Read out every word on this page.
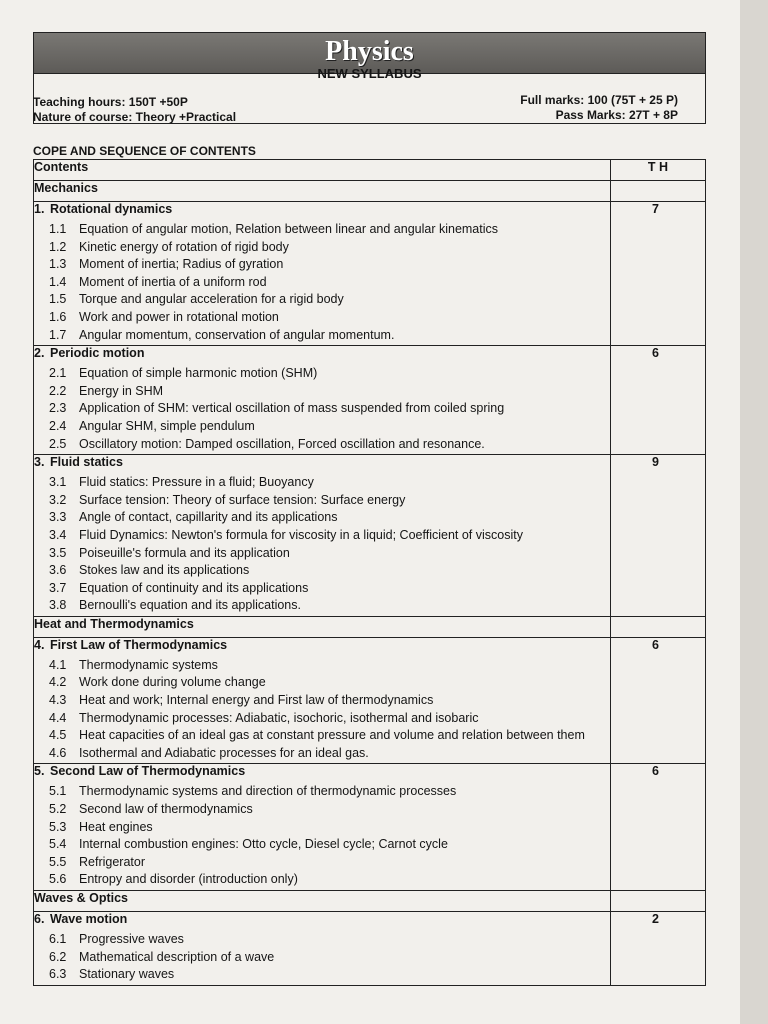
Physics
NEW SYLLABUS
Teaching hours: 150T +50P
Nature of course: Theory +Practical
Full marks: 100 (75T + 25 P)
Pass Marks: 27T + 8P
COPE AND SEQUENCE OF CONTENTS
Contents	T H
Mechanics	
1. Rotational dynamics	7

1.1 Equation of angular motion, Relation between linear and angular kinematics	
1.2 Kinetic energy of rotation of rigid body	
1.3 Moment of inertia; Radius of gyration	
1.4 Moment of inertia of a uniform rod	
1.5 Torque and angular acceleration for a rigid body	
1.6 Work and power in rotational motion	
1.7 Angular momentum, conservation of angular momentum.	
2. Periodic motion	6

2.1 Equation of simple harmonic motion (SHM)	
2.2 Energy in SHM	
2.3 Application of SHM: vertical oscillation of mass suspended from coiled spring	
2.4 Angular SHM, simple pendulum	
2.5 Oscillatory motion: Damped oscillation, Forced oscillation and resonance.	
3. Fluid statics	9

3.1 Fluid statics: Pressure in a fluid; Buoyancy	
3.2 Surface tension: Theory of surface tension: Surface energy	
3.3 Angle of contact, capillarity and its applications	
3.4 Fluid Dynamics: Newton's formula for viscosity in a liquid; Coefficient of viscosity	
3.5 Poiseuille's formula and its application	
3.6 Stokes law and its applications	
3.7 Equation of continuity and its applications	
3.8 Bernoulli's equation and its applications.	
Heat and Thermodynamics	
4. First Law of Thermodynamics	6

4.1 Thermodynamic systems	
4.2 Work done during volume change	
4.3 Heat and work; Internal energy and First law of thermodynamics	
4.4 Thermodynamic processes: Adiabatic, isochoric, isothermal and isobaric	
4.5 Heat capacities of an ideal gas at constant pressure and volume and relation between them	
4.6 Isothermal and Adiabatic processes for an ideal gas.	
5. Second Law of Thermodynamics	6

5.1 Thermodynamic systems and direction of thermodynamic processes	
5.2 Second law of thermodynamics	
5.3 Heat engines	
5.4 Internal combustion engines: Otto cycle, Diesel cycle; Carnot cycle	
5.5 Refrigerator	
5.6 Entropy and disorder (introduction only)	
Waves & Optics	
6. Wave motion	2

6.1 Progressive waves	
6.2 Mathematical description of a wave	
6.3 Stationary waves	
